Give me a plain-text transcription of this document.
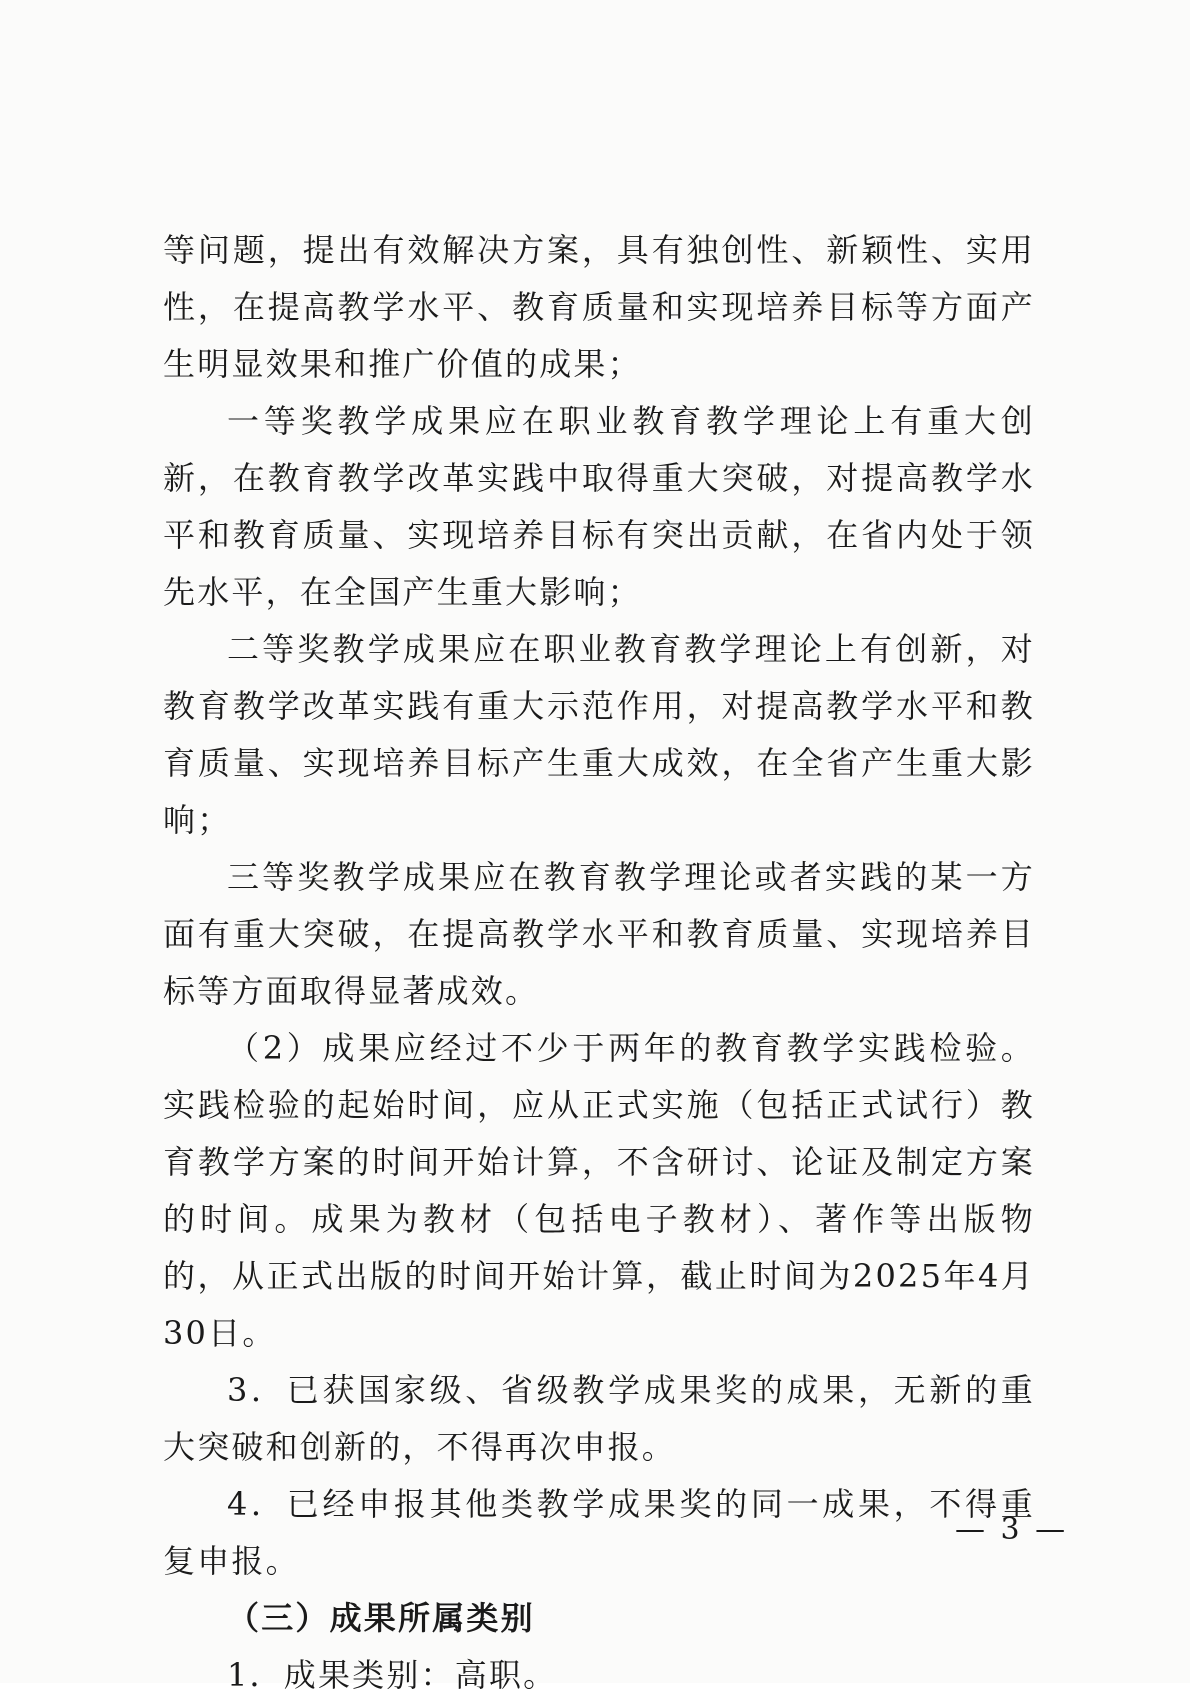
等问题，提出有效解决方案，具有独创性、新颖性、实用性，在提高教学水平、教育质量和实现培养目标等方面产生明显效果和推广价值的成果；

一等奖教学成果应在职业教育教学理论上有重大创新，在教育教学改革实践中取得重大突破，对提高教学水平和教育质量、实现培养目标有突出贡献，在省内处于领先水平，在全国产生重大影响；

二等奖教学成果应在职业教育教学理论上有创新，对教育教学改革实践有重大示范作用，对提高教学水平和教育质量、实现培养目标产生重大成效，在全省产生重大影响；

三等奖教学成果应在教育教学理论或者实践的某一方面有重大突破，在提高教学水平和教育质量、实现培养目标等方面取得显著成效。

（2）成果应经过不少于两年的教育教学实践检验。实践检验的起始时间，应从正式实施（包括正式试行）教育教学方案的时间开始计算，不含研讨、论证及制定方案的时间。成果为教材（包括电子教材）、著作等出版物的，从正式出版的时间开始计算，截止时间为2025年4月30日。

3．已获国家级、省级教学成果奖的成果，无新的重大突破和创新的，不得再次申报。

4．已经申报其他类教学成果奖的同一成果，不得重复申报。

（三）成果所属类别

1．成果类别：高职。

— 3 —
